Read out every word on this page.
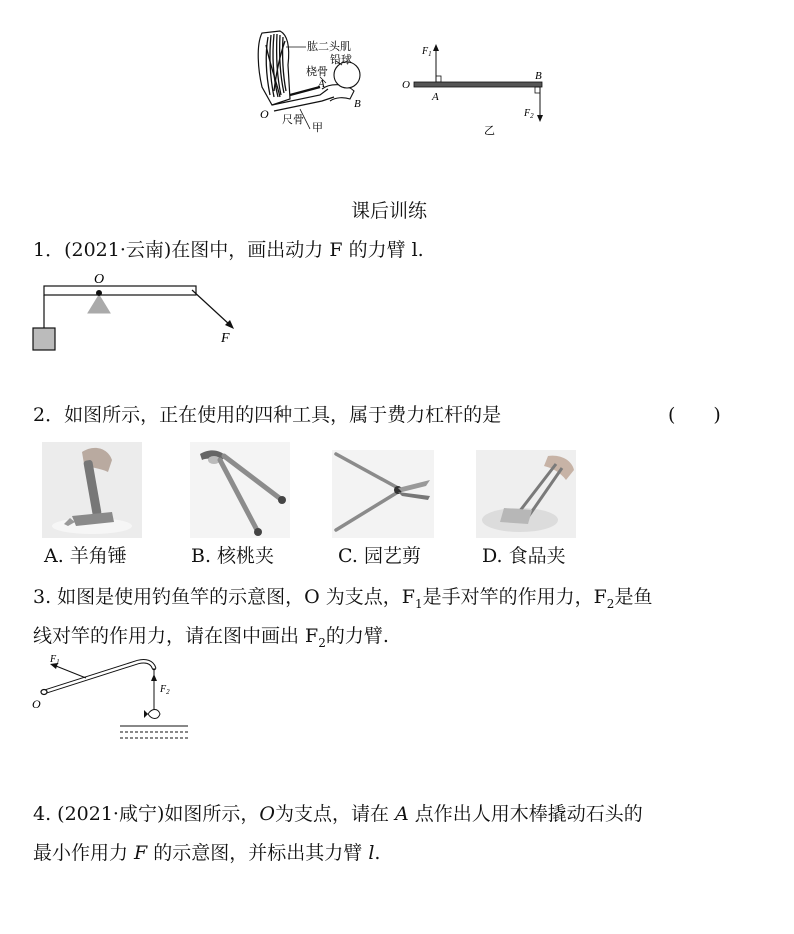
肱二头肌
铅球
桡骨
A
B
O 尺骨
甲
$F_1$
O
A
B
$F_2$
乙
课后训练
1．(2021·云南)在图中，画出动力 F 的力臂 l.
O
F
2．如图所示，正在使用的四种工具，属于费力杠杆的是	(　　)
A. 羊角锤	B. 核桃夹	C. 园艺剪	D. 食品夹
3. 如图是使用钓鱼竿的示意图，O 为支点，$F_1$是手对竿的作用力，$F_2$是鱼
线对竿的作用力，请在图中画出 $F_2$的力臂.
$F_1$
$F_2$
O
4. (2021·咸宁)如图所示，O为支点，请在 A 点作出人用木棒撬动石头的
最小作用力 F 的示意图，并标出其力臂 l.
